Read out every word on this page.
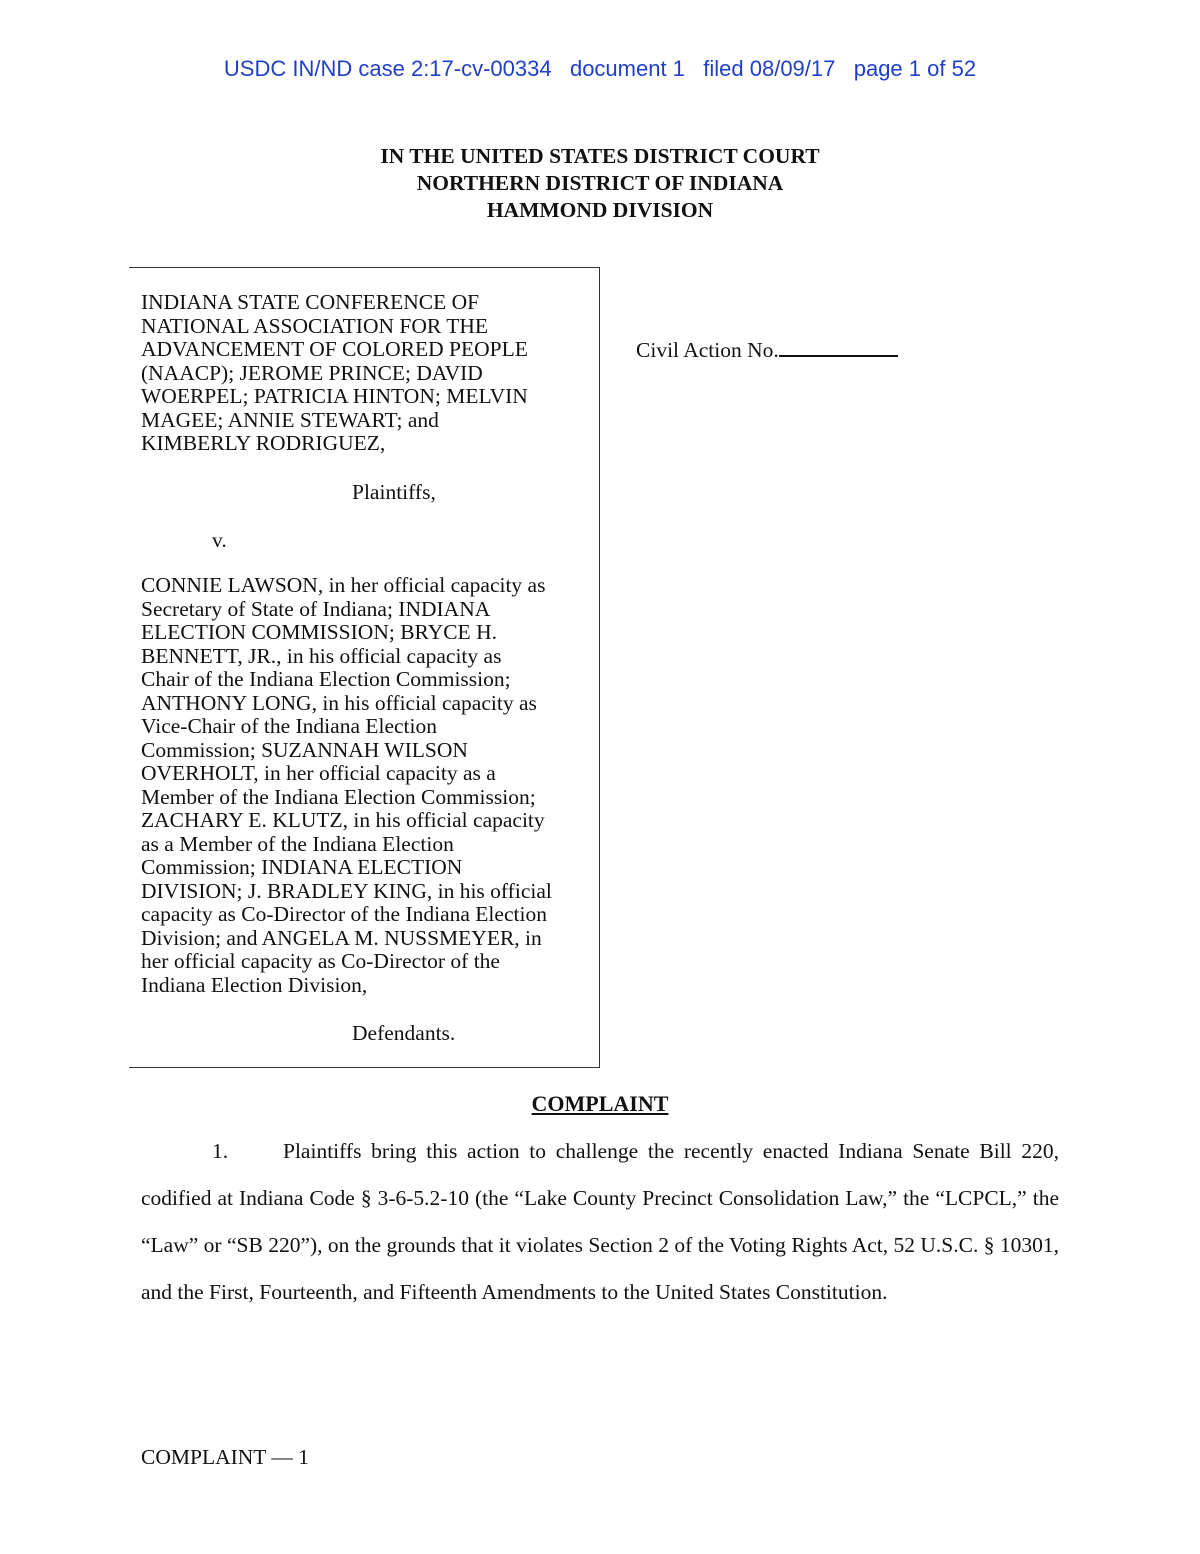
USDC IN/ND case 2:17-cv-00334 document 1 filed 08/09/17 page 1 of 52
IN THE UNITED STATES DISTRICT COURT
NORTHERN DISTRICT OF INDIANA
HAMMOND DIVISION
INDIANA STATE CONFERENCE OF
NATIONAL ASSOCIATION FOR THE
ADVANCEMENT OF COLORED PEOPLE
(NAACP); JEROME PRINCE; DAVID
WOERPEL; PATRICIA HINTON; MELVIN
MAGEE; ANNIE STEWART; and
KIMBERLY RODRIGUEZ,
Plaintiffs,
v.
CONNIE LAWSON, in her official capacity as
Secretary of State of Indiana; INDIANA
ELECTION COMMISSION; BRYCE H.
BENNETT, JR., in his official capacity as
Chair of the Indiana Election Commission;
ANTHONY LONG, in his official capacity as
Vice-Chair of the Indiana Election
Commission; SUZANNAH WILSON
OVERHOLT, in her official capacity as a
Member of the Indiana Election Commission;
ZACHARY E. KLUTZ, in his official capacity
as a Member of the Indiana Election
Commission; INDIANA ELECTION
DIVISION; J. BRADLEY KING, in his official
capacity as Co-Director of the Indiana Election
Division; and ANGELA M. NUSSMEYER, in
her official capacity as Co-Director of the
Indiana Election Division,
Defendants.
Civil Action No.
COMPLAINT
1.	Plaintiffs bring this action to challenge the recently enacted Indiana Senate Bill 220, codified at Indiana Code § 3-6-5.2-10 (the “Lake County Precinct Consolidation Law,” the “LCPCL,” the “Law” or “SB 220”), on the grounds that it violates Section 2 of the Voting Rights Act, 52 U.S.C. § 10301, and the First, Fourteenth, and Fifteenth Amendments to the United States Constitution.
COMPLAINT — 1
